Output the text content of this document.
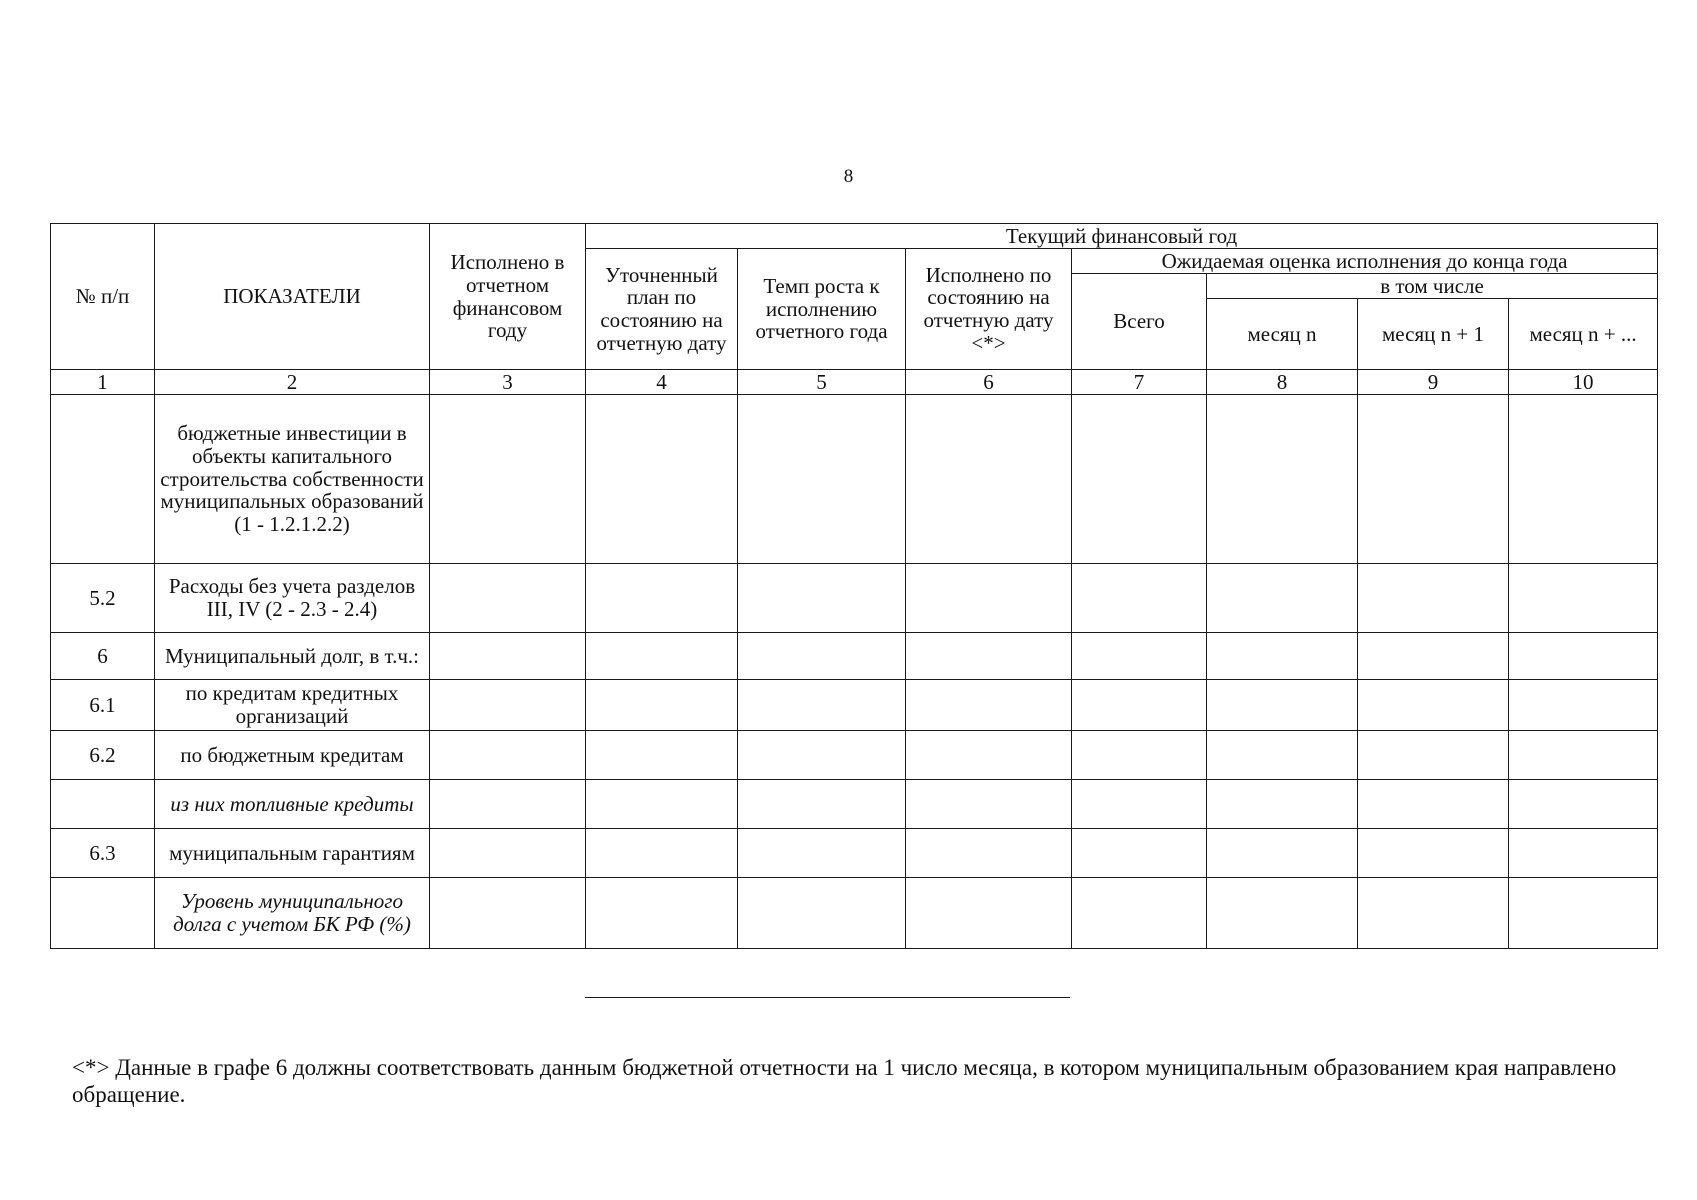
8
№ п/п	ПОКАЗАТЕЛИ	Исполнено в отчетном финансовом году	Текущий финансовый год						
			Уточненный план по состоянию на отчетную дату	Темп роста к исполнению отчетного года	Исполнено по состоянию на отчетную дату <*>	Ожидаемая оценка исполнения до конца года			
						Всего	в том числе		
							месяц n	месяц n + 1	месяц n + ...
1	2	3	4	5	6	7	8	9	10
	бюджетные инвестиции в объекты капитального строительства собственности муниципальных образований (1 - 1.2.1.2.2)								
5.2	Расходы без учета разделов III, IV (2 - 2.3 - 2.4)								
6	Муниципальный долг, в т.ч.:								
6.1	по кредитам кредитных организаций								
6.2	по бюджетным кредитам								
	из них топливные кредиты								
6.3	муниципальным гарантиям								
	Уровень муниципального долга с учетом БК РФ (%)								
<*> Данные в графе 6 должны соответствовать данным бюджетной отчетности на 1 число месяца, в котором муниципальным образованием края направлено обращение.
